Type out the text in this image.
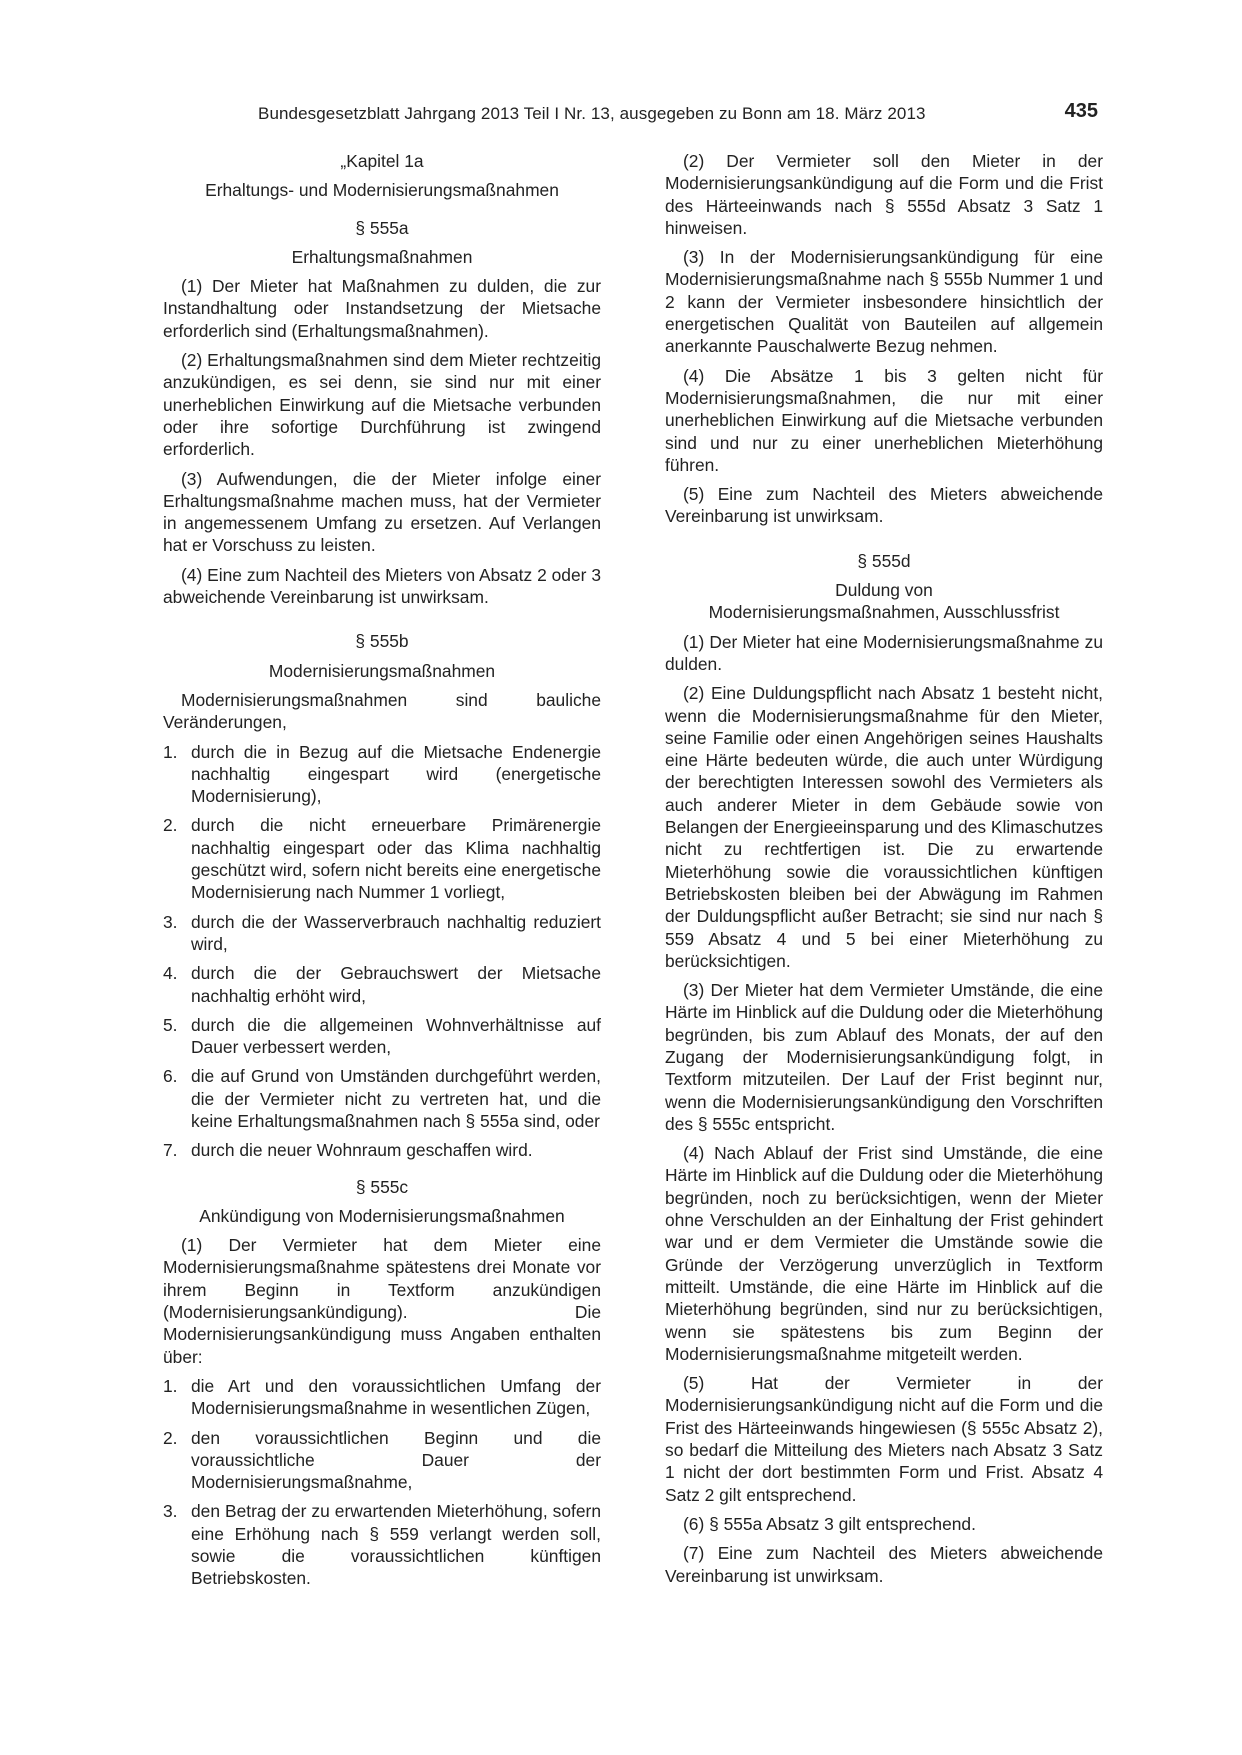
Bundesgesetzblatt Jahrgang 2013 Teil I Nr. 13, ausgegeben zu Bonn am 18. März 2013	435

„Kapitel 1a

Erhaltungs- und Modernisierungsmaßnahmen

§ 555a

Erhaltungsmaßnahmen

(1) Der Mieter hat Maßnahmen zu dulden, die zur Instandhaltung oder Instandsetzung der Mietsache erforderlich sind (Erhaltungsmaßnahmen).

(2) Erhaltungsmaßnahmen sind dem Mieter rechtzeitig anzukündigen, es sei denn, sie sind nur mit einer unerheblichen Einwirkung auf die Mietsache verbunden oder ihre sofortige Durchführung ist zwingend erforderlich.

(3) Aufwendungen, die der Mieter infolge einer Erhaltungsmaßnahme machen muss, hat der Vermieter in angemessenem Umfang zu ersetzen. Auf Verlangen hat er Vorschuss zu leisten.

(4) Eine zum Nachteil des Mieters von Absatz 2 oder 3 abweichende Vereinbarung ist unwirksam.

§ 555b

Modernisierungsmaßnahmen

Modernisierungsmaßnahmen sind bauliche Veränderungen,

1. durch die in Bezug auf die Mietsache Endenergie nachhaltig eingespart wird (energetische Modernisierung),
2. durch die nicht erneuerbare Primärenergie nachhaltig eingespart oder das Klima nachhaltig geschützt wird, sofern nicht bereits eine energetische Modernisierung nach Nummer 1 vorliegt,
3. durch die der Wasserverbrauch nachhaltig reduziert wird,
4. durch die der Gebrauchswert der Mietsache nachhaltig erhöht wird,
5. durch die die allgemeinen Wohnverhältnisse auf Dauer verbessert werden,
6. die auf Grund von Umständen durchgeführt werden, die der Vermieter nicht zu vertreten hat, und die keine Erhaltungsmaßnahmen nach § 555a sind, oder
7. durch die neuer Wohnraum geschaffen wird.

§ 555c

Ankündigung von Modernisierungsmaßnahmen

(1) Der Vermieter hat dem Mieter eine Modernisierungsmaßnahme spätestens drei Monate vor ihrem Beginn in Textform anzukündigen (Modernisierungsankündigung). Die Modernisierungsankündigung muss Angaben enthalten über:

1. die Art und den voraussichtlichen Umfang der Modernisierungsmaßnahme in wesentlichen Zügen,
2. den voraussichtlichen Beginn und die voraussichtliche Dauer der Modernisierungsmaßnahme,
3. den Betrag der zu erwartenden Mieterhöhung, sofern eine Erhöhung nach § 559 verlangt werden soll, sowie die voraussichtlichen künftigen Betriebskosten.

(2) Der Vermieter soll den Mieter in der Modernisierungsankündigung auf die Form und die Frist des Härteeinwands nach § 555d Absatz 3 Satz 1 hinweisen.

(3) In der Modernisierungsankündigung für eine Modernisierungsmaßnahme nach § 555b Nummer 1 und 2 kann der Vermieter insbesondere hinsichtlich der energetischen Qualität von Bauteilen auf allgemein anerkannte Pauschalwerte Bezug nehmen.

(4) Die Absätze 1 bis 3 gelten nicht für Modernisierungsmaßnahmen, die nur mit einer unerheblichen Einwirkung auf die Mietsache verbunden sind und nur zu einer unerheblichen Mieterhöhung führen.

(5) Eine zum Nachteil des Mieters abweichende Vereinbarung ist unwirksam.

§ 555d

Duldung von

Modernisierungsmaßnahmen, Ausschlussfrist

(1) Der Mieter hat eine Modernisierungsmaßnahme zu dulden.

(2) Eine Duldungspflicht nach Absatz 1 besteht nicht, wenn die Modernisierungsmaßnahme für den Mieter, seine Familie oder einen Angehörigen seines Haushalts eine Härte bedeuten würde, die auch unter Würdigung der berechtigten Interessen sowohl des Vermieters als auch anderer Mieter in dem Gebäude sowie von Belangen der Energieeinsparung und des Klimaschutzes nicht zu rechtfertigen ist. Die zu erwartende Mieterhöhung sowie die voraussichtlichen künftigen Betriebskosten bleiben bei der Abwägung im Rahmen der Duldungspflicht außer Betracht; sie sind nur nach § 559 Absatz 4 und 5 bei einer Mieterhöhung zu berücksichtigen.

(3) Der Mieter hat dem Vermieter Umstände, die eine Härte im Hinblick auf die Duldung oder die Mieterhöhung begründen, bis zum Ablauf des Monats, der auf den Zugang der Modernisierungsankündigung folgt, in Textform mitzuteilen. Der Lauf der Frist beginnt nur, wenn die Modernisierungsankündigung den Vorschriften des § 555c entspricht.

(4) Nach Ablauf der Frist sind Umstände, die eine Härte im Hinblick auf die Duldung oder die Mieterhöhung begründen, noch zu berücksichtigen, wenn der Mieter ohne Verschulden an der Einhaltung der Frist gehindert war und er dem Vermieter die Umstände sowie die Gründe der Verzögerung unverzüglich in Textform mitteilt. Umstände, die eine Härte im Hinblick auf die Mieterhöhung begründen, sind nur zu berücksichtigen, wenn sie spätestens bis zum Beginn der Modernisierungsmaßnahme mitgeteilt werden.

(5) Hat der Vermieter in der Modernisierungsankündigung nicht auf die Form und die Frist des Härteeinwands hingewiesen (§ 555c Absatz 2), so bedarf die Mitteilung des Mieters nach Absatz 3 Satz 1 nicht der dort bestimmten Form und Frist. Absatz 4 Satz 2 gilt entsprechend.

(6) § 555a Absatz 3 gilt entsprechend.

(7) Eine zum Nachteil des Mieters abweichende Vereinbarung ist unwirksam.
